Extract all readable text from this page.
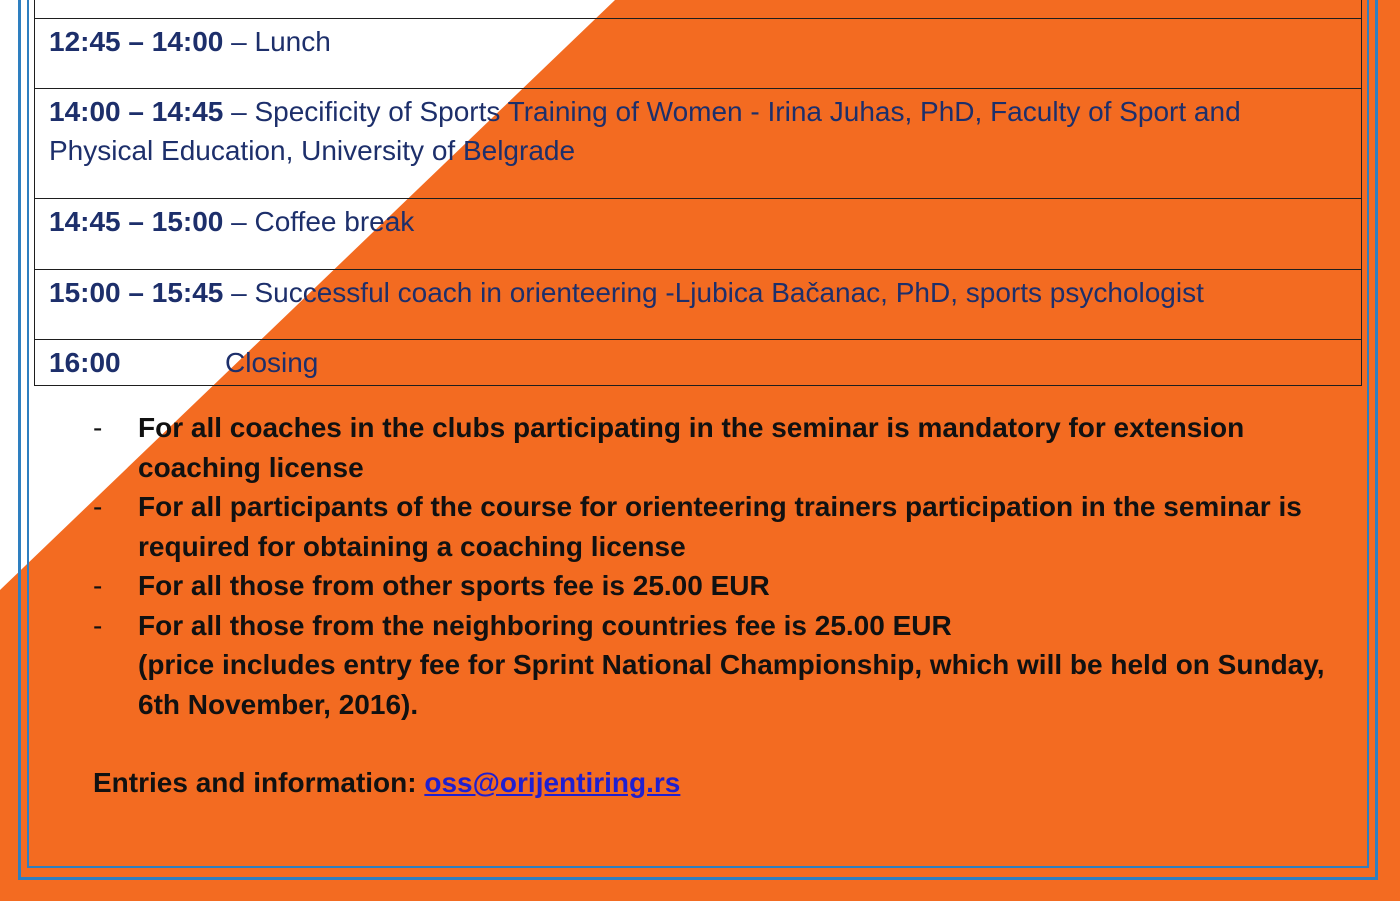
12:45 – 14:00 – Lunch
14:00 – 14:45 – Specificity of Sports Training of Women - Irina Juhas, PhD, Faculty of Sport and Physical Education, University of Belgrade
14:45 – 15:00 – Coffee break
15:00 – 15:45 – Successful coach in orienteering -Ljubica Bačanac, PhD, sports psychologist
16:00	Closing
- For all coaches in the clubs participating in the seminar is mandatory for extension coaching license
- For all participants of the course for orienteering trainers participation in the seminar is required for obtaining a coaching license
- For all those from other sports fee is 25.00 EUR
- For all those from the neighboring countries fee is 25.00 EUR
(price includes entry fee for Sprint National Championship, which will be held on Sunday, 6th November, 2016).
Entries and information: oss@orijentiring.rs
